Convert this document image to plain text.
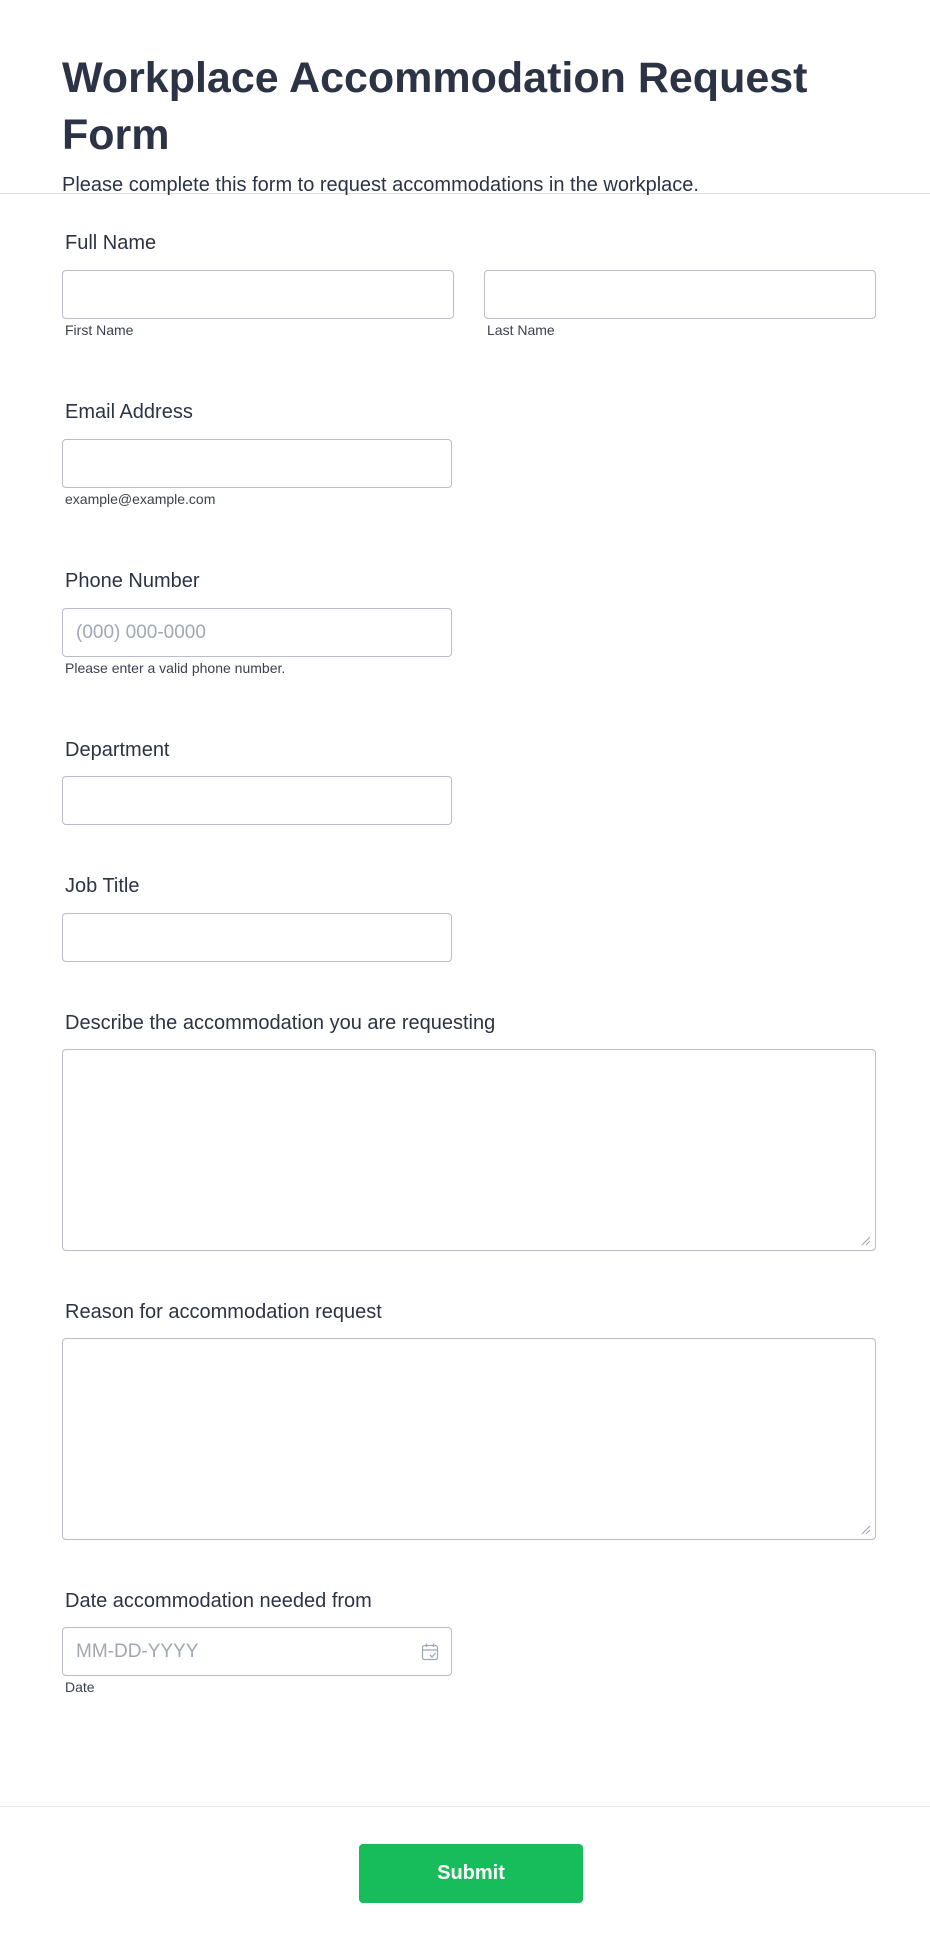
Workplace Accommodation Request Form
Please complete this form to request accommodations in the workplace.
Full Name
First Name	Last Name
Email Address
example@example.com
Phone Number
(000) 000-0000
Please enter a valid phone number.
Department
Job Title
Describe the accommodation you are requesting
Reason for accommodation request
Date accommodation needed from
MM-DD-YYYY
Date
Submit
